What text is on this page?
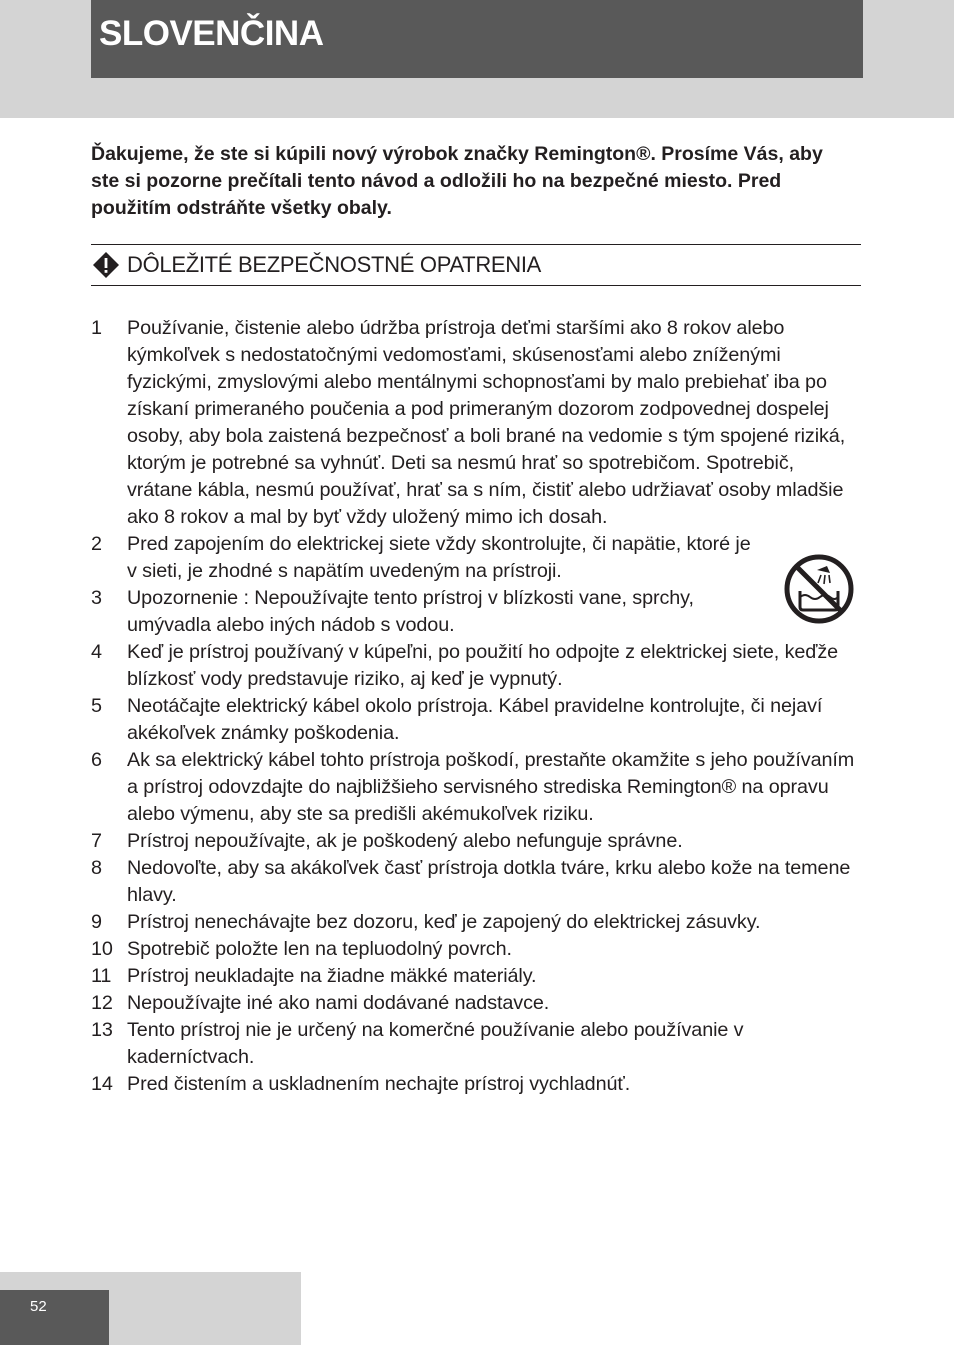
SLOVENČINA

Ďakujeme, že ste si kúpili nový výrobok značky Remington®. Prosíme Vás, aby ste si pozorne prečítali tento návod a odložili ho na bezpečné miesto. Pred použitím odstráňte všetky obaly.

DÔLEŽITÉ BEZPEČNOSTNÉ OPATRENIA
1	Používanie, čistenie alebo údržba prístroja deťmi staršími ako 8 rokov alebo kýmkoľvek s nedostatočnými vedomosťami, skúsenosťami alebo zníženými fyzickými, zmyslovými alebo mentálnymi schopnosťami by malo prebiehať iba po získaní primeraného poučenia a pod primeraným dozorom zodpovednej dospelej osoby, aby bola zaistená bezpečnosť a boli brané na vedomie s tým spojené riziká, ktorým je potrebné sa vyhnúť. Deti sa nesmú hrať so spotrebičom. Spotrebič, vrátane kábla, nesmú používať, hrať sa s ním, čistiť alebo udržiavať osoby mladšie ako 8 rokov a mal by byť vždy uložený mimo ich dosah.
2	Pred zapojením do elektrickej siete vždy skontrolujte, či napätie, ktoré je v sieti, je zhodné s napätím uvedeným na prístroji.
3	Upozornenie : Nepoužívajte tento prístroj v blízkosti vane, sprchy, umývadla alebo iných nádob s vodou.
4	Keď je prístroj používaný v kúpeľni, po použití ho odpojte z elektrickej siete, keďže blízkosť vody predstavuje riziko, aj keď je vypnutý.
5	Neotáčajte elektrický kábel okolo prístroja. Kábel pravidelne kontrolujte, či nejaví akékoľvek známky poškodenia.
6	Ak sa elektrický kábel tohto prístroja poškodí, prestaňte okamžite s jeho používaním a prístroj odovzdajte do najbližšieho servisného strediska Remington® na opravu alebo výmenu, aby ste sa predišli akémukoľvek riziku.
7	Prístroj nepoužívajte, ak je poškodený alebo nefunguje správne.
8	Nedovoľte, aby sa akákoľvek časť prístroja dotkla tváre, krku alebo kože na temene hlavy.
9	Prístroj nenechávajte bez dozoru, keď je zapojený do elektrickej zásuvky.
10 Spotrebič položte len na tepluodolný povrch.
11 Prístroj neukladajte na žiadne mäkké materiály.
12 Nepoužívajte iné ako nami dodávané nadstavce.
13 Tento prístroj nie je určený na komerčné používanie alebo používanie v kaderníctvach.
14 Pred čistením a uskladnením nechajte prístroj vychladnúť.
52
